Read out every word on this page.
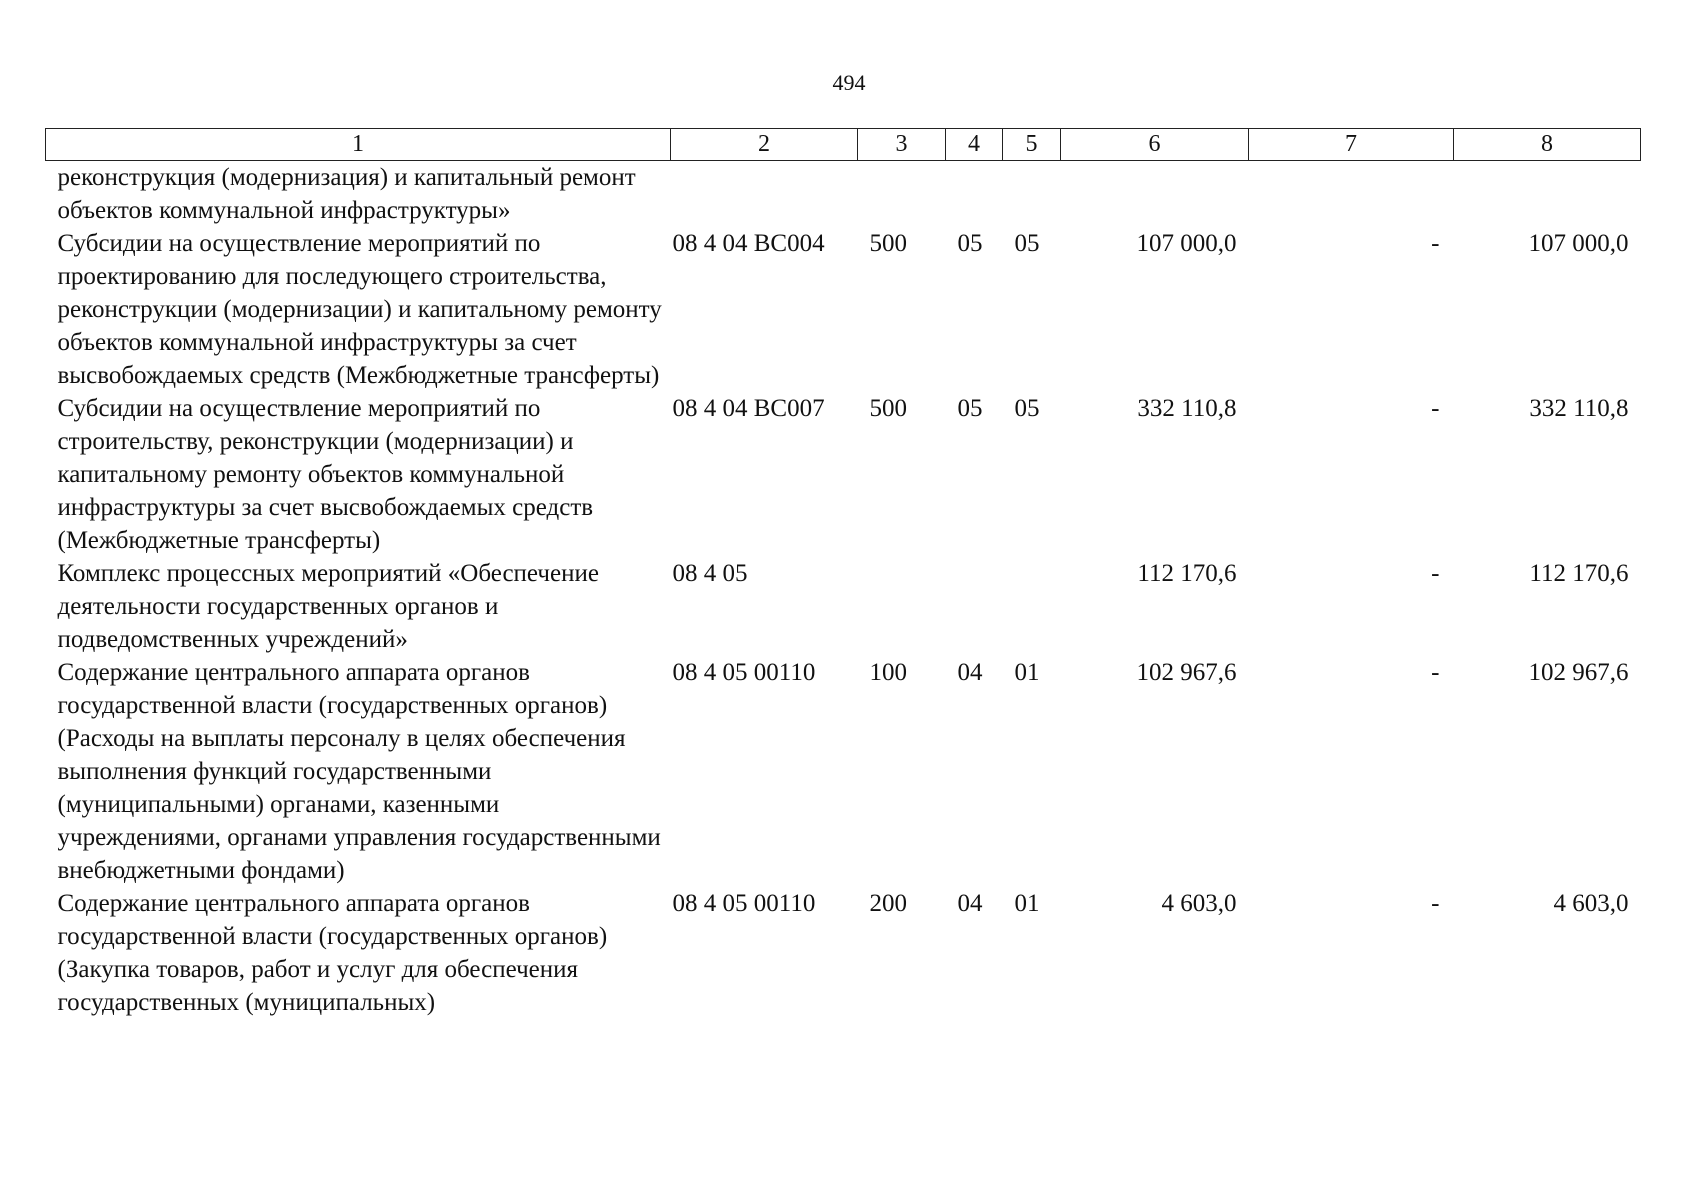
494
1	2	3	4	5	6	7	8
реконструкция (модернизация) и капитальный ремонт объектов коммунальной инфраструктуры»							
Субсидии на осуществление мероприятий по проектированию для последующего строительства, реконструкции (модернизации) и капитальному ремонту объектов коммунальной инфраструктуры за счет высвобождаемых средств (Межбюджетные трансферты)	08 4 04 ВС004	500	05	05	107 000,0	-	107 000,0
Субсидии на осуществление мероприятий по строительству, реконструкции (модернизации) и капитальному ремонту объектов коммунальной инфраструктуры за счет высвобождаемых средств (Межбюджетные трансферты)	08 4 04 ВС007	500	05	05	332 110,8	-	332 110,8
Комплекс процессных мероприятий «Обеспечение деятельности государственных органов и подведомственных учреждений»	08 4 05				112 170,6	-	112 170,6
Содержание центрального аппарата органов государственной власти (государственных органов) (Расходы на выплаты персоналу в целях обеспечения выполнения функций государственными (муниципальными) органами, казенными учреждениями, органами управления государственными внебюджетными фондами)	08 4 05 00110	100	04	01	102 967,6	-	102 967,6
Содержание центрального аппарата органов государственной власти (государственных органов) (Закупка товаров, работ и услуг для обеспечения государственных (муниципальных)	08 4 05 00110	200	04	01	4 603,0	-	4 603,0
